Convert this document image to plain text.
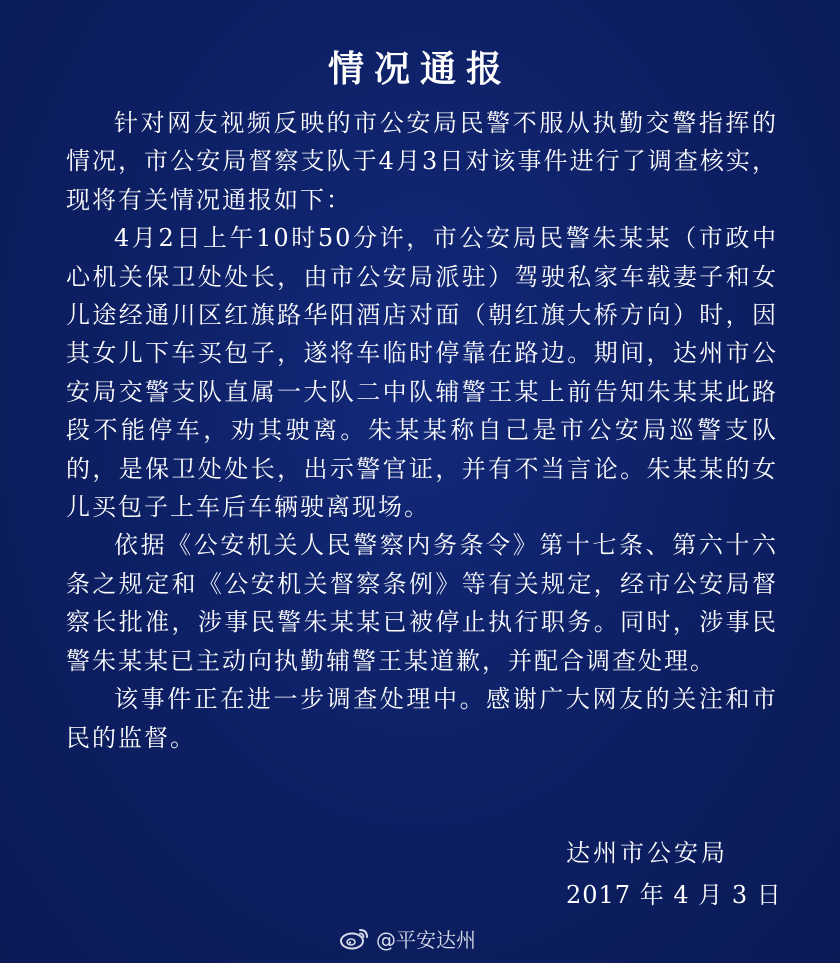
情况通报

针对网友视频反映的市公安局民警不服从执勤交警指挥的情况，市公安局督察支队于4月3日对该事件进行了调查核实，现将有关情况通报如下：

4月2日上午10时50分许，市公安局民警朱某某（市政中心机关保卫处处长，由市公安局派驻）驾驶私家车载妻子和女儿途经通川区红旗路华阳酒店对面（朝红旗大桥方向）时，因其女儿下车买包子，遂将车临时停靠在路边。期间，达州市公安局交警支队直属一大队二中队辅警王某上前告知朱某某此路段不能停车，劝其驶离。朱某某称自己是市公安局巡警支队的，是保卫处处长，出示警官证，并有不当言论。朱某某的女儿买包子上车后车辆驶离现场。

依据《公安机关人民警察内务条令》第十七条、第六十六条之规定和《公安机关督察条例》等有关规定，经市公安局督察长批准，涉事民警朱某某已被停止执行职务。同时，涉事民警朱某某已主动向执勤辅警王某道歉，并配合调查处理。

该事件正在进一步调查处理中。感谢广大网友的关注和市民的监督。

达州市公安局
2017 年 4 月 3 日
@平安达州
